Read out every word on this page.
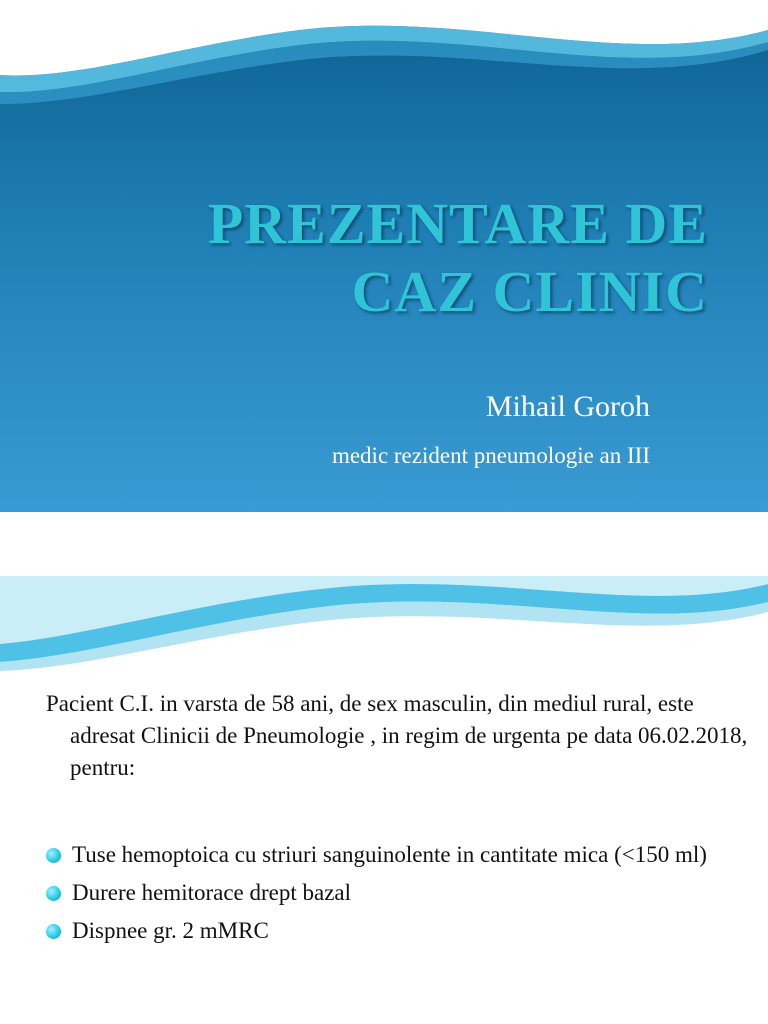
PREZENTARE DE CAZ CLINIC

Mihail Goroh

medic rezident pneumologie an III

Pacient C.I. in varsta de 58 ani, de sex masculin, din mediul rural, este adresat Clinicii de Pneumologie , in regim de urgenta pe data 06.02.2018, pentru:

Tuse hemoptoica cu striuri sanguinolente in cantitate mica (<150 ml)
Durere hemitorace drept bazal
Dispnee gr. 2 mMRC
